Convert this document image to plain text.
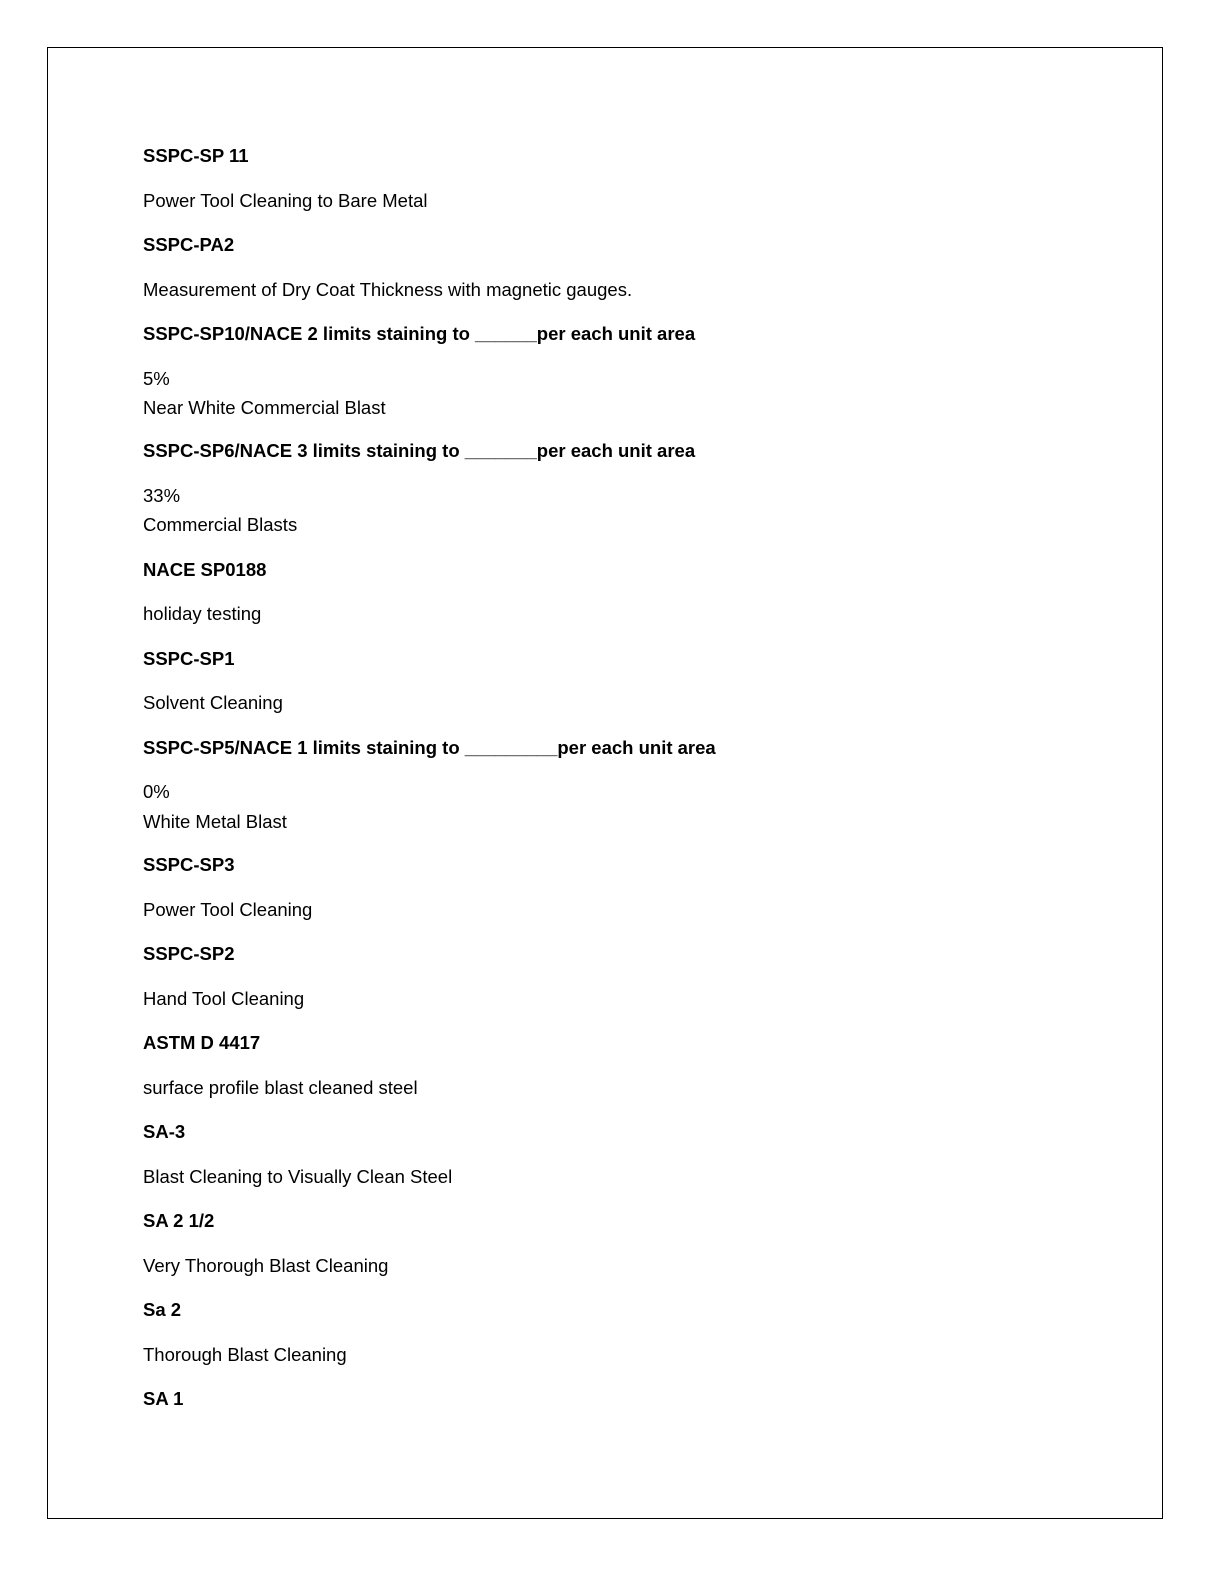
SSPC-SP 11
Power Tool Cleaning to Bare Metal
SSPC-PA2
Measurement of Dry Coat Thickness with magnetic gauges.
SSPC-SP10/NACE 2 limits staining to ______per each unit area
5%
Near White Commercial Blast
SSPC-SP6/NACE 3 limits staining to _______per each unit area
33%
Commercial Blasts
NACE SP0188
holiday testing
SSPC-SP1
Solvent Cleaning
SSPC-SP5/NACE 1 limits staining to _________per each unit area
0%
White Metal Blast
SSPC-SP3
Power Tool Cleaning
SSPC-SP2
Hand Tool Cleaning
ASTM D 4417
surface profile blast cleaned steel
SA-3
Blast Cleaning to Visually Clean Steel
SA 2 1/2
Very Thorough Blast Cleaning
Sa 2
Thorough Blast Cleaning
SA 1
